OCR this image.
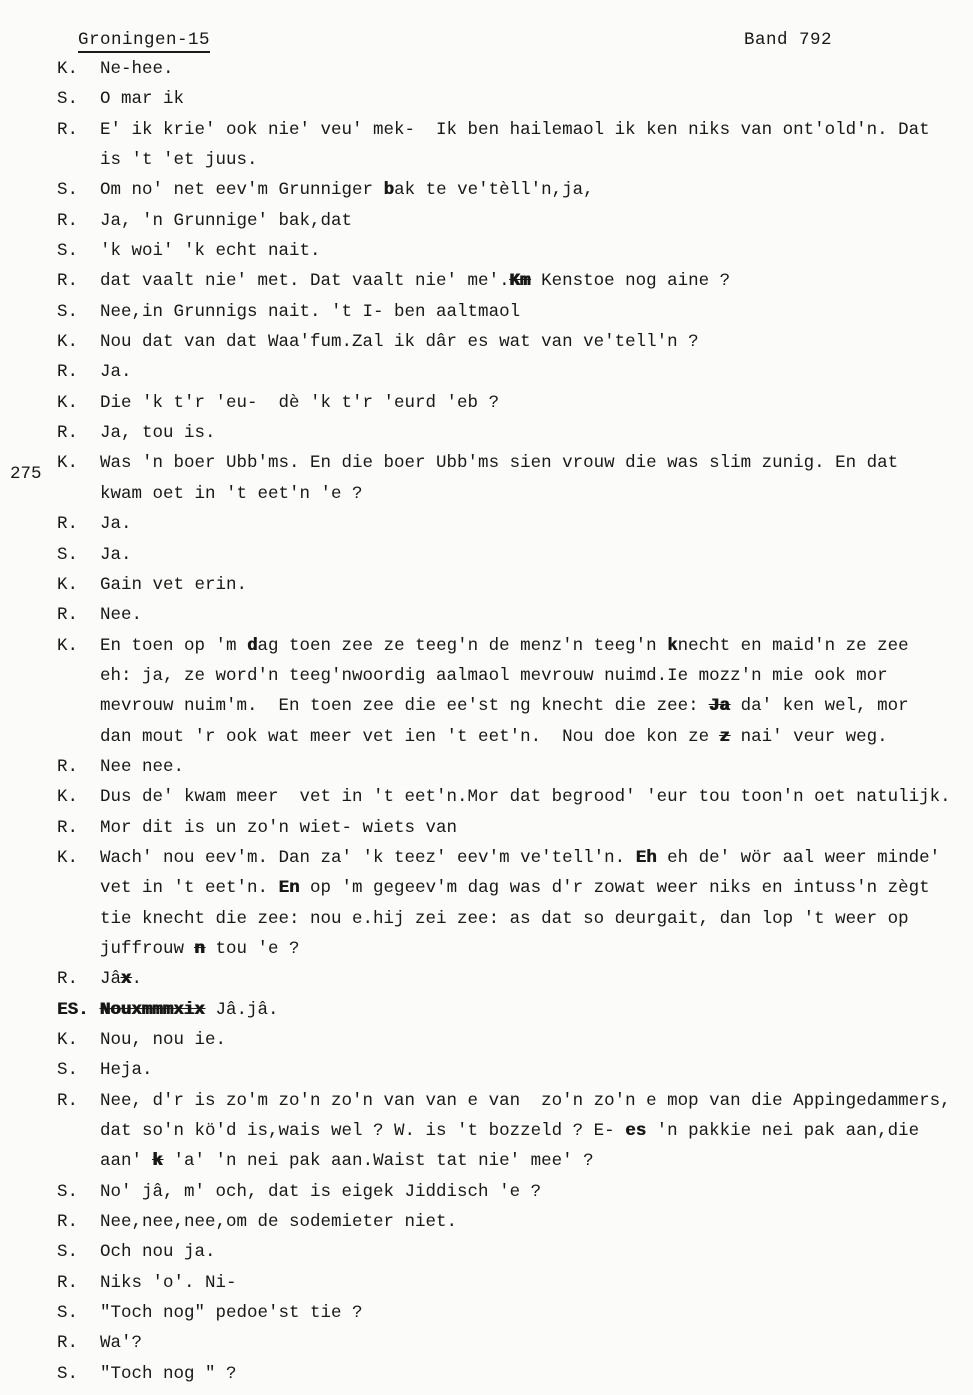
Groningen-15	Band 792
K. Ne-hee.
S. O mar ik
R. E' ik krie' ook nie' veu' mek-  Ik ben hailemaol ik ken niks van ont'old'n. Dat
is 't 'et juus.
S. Om no' net eev'm Grunniger bak te ve'tèll'n,ja,
R. Ja, 'n Grunnige' bak,dat
S. 'k woi' 'k echt nait.
R. dat vaalt nie' met. Dat vaalt nie' me'.Km Kenstoe nog aine ?
S. Nee,in Grunnigs nait. 't I- ben aaltmaol
K. Nou dat van dat Waa'fum.Zal ik dâr es wat van ve'tell'n ?
R. Ja.
K. Die 'k t'r 'eu-  dè 'k t'r 'eurd 'eb ?
R. Ja, tou is.
275
K. Was 'n boer Ubb'ms. En die boer Ubb'ms sien vrouw die was slim zunig. En dat
kwam oet in 't eet'n 'e ?
R. Ja.
S. Ja.
K. Gain vet erin.
R. Nee.
K. En toen op 'm dag toen zee ze teeg'n de menz'n teeg'n knecht en maid'n ze zee
eh: ja, ze word'n teeg'nwoordig aalmaol mevrouw nuimd.Ie mozz'n mie ook mor
mevrouw nuim'm.  En toen zee die ee'st ng knecht die zee: Ja da' ken wel, mor
dan mout 'r ook wat meer vet ien 't eet'n.  Nou doe kon ze z nai' veur weg.
R. Nee nee.
K. Dus de' kwam meer  vet in 't eet'n.Mor dat begrood' 'eur tou toon'n oet natulijk.
R. Mor dit is un zo'n wiet- wiets van
K. Wach' nou eev'm. Dan za' 'k teez' eev'm ve'tell'n. Eh eh de' wör aal weer minde'
vet in 't eet'n. En op 'm gegeev'm dag was d'r zowat weer niks en intuss'n zègt
tie knecht die zee: nou e.hij zei zee: as dat so deurgait, dan lop 't weer op
juffrouw n tou 'e ?
R. Jâx.
ES. Nouxmmmxix Jâ.jâ.
K. Nou, nou ie.
S. Heja.
R. Nee, d'r is zo'm zo'n zo'n van van e van  zo'n zo'n e mop van die Appingedammers,
dat so'n kö'd is,wais wel ? W. is 't bozzeld ? E- es 'n pakkie nei pak aan,die
aan' k 'a' 'n nei pak aan.Waist tat nie' mee' ?
S. No' jâ, m' och, dat is eigek Jiddisch 'e ?
R. Nee,nee,nee,om de sodemieter niet.
S. Och nou ja.
R. Niks 'o'. Ni-
S. "Toch nog" pedoe'st tie ?
R. Wa'?
S. "Toch nog " ?
